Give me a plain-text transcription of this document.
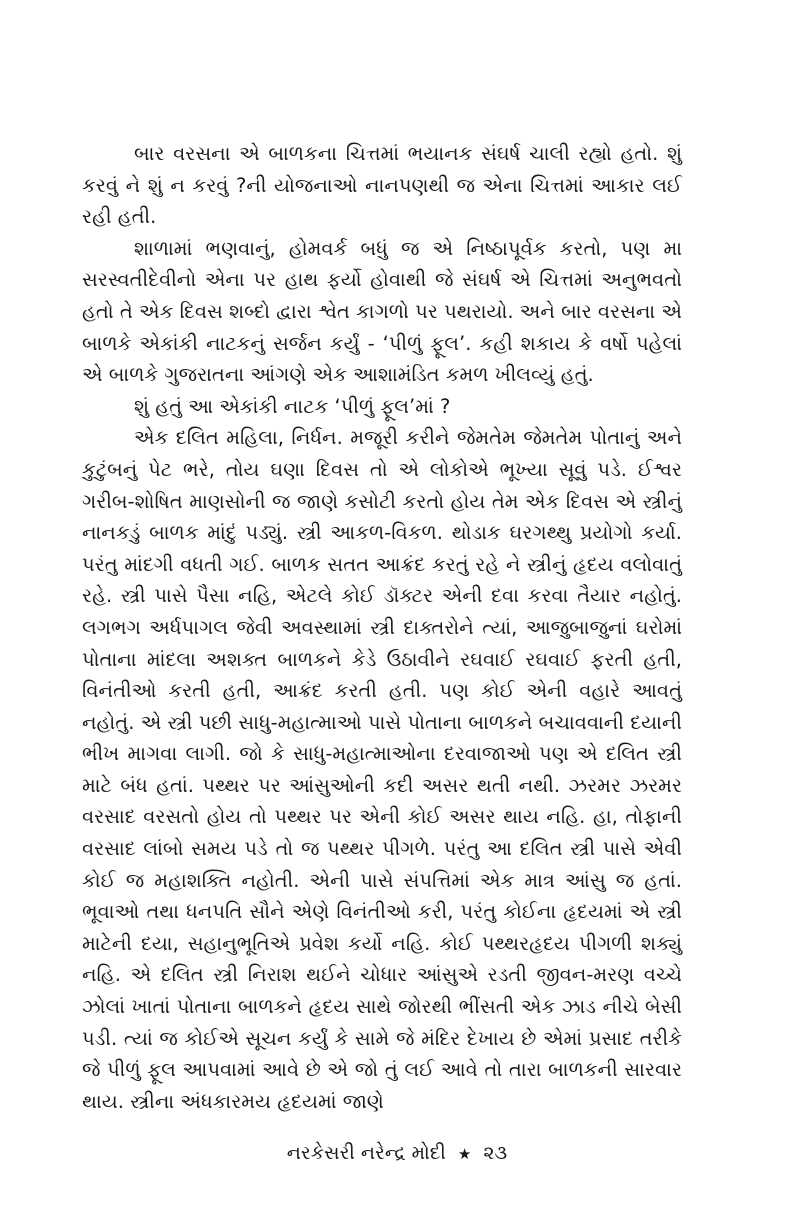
બાર વરસના એ બાળકના ચિત્તમાં ભયાનક સંઘર્ષ ચાલી રહ્યો હતો. શું કરવું ને શું ન કરવું ?ની યોજનાઓ નાનપણથી જ એના ચિત્તમાં આકાર લઈ રહી હતી.

શાળામાં ભણવાનું, હોમવર્ક બધું જ એ નિષ્ઠાપૂર્વક કરતો, પણ મા સરસ્વતીદેવીનો એના પર હાથ ફર્યો હોવાથી જે સંઘર્ષ એ ચિત્તમાં અનુભવતો હતો તે એક દિવસ શબ્દો દ્વારા શ્વેત કાગળો પર પથરાયો. અને બાર વરસના એ બાળકે એકાંકી નાટકનું સર્જન કર્યું - ‘પીળું ફૂલ’. કહી શકાય કે વર્ષો પહેલાં એ બાળકે ગુજરાતના આંગણે એક આશામંડિત કમળ ખીલવ્યું હતું.

શું હતું આ એકાંકી નાટક ‘પીળું ફૂલ’માં ?

એક દલિત મહિલા, નિર્ધન. મજૂરી કરીને જેમતેમ જેમતેમ પોતાનું અને કુટુંબનું પેટ ભરે, તોય ઘણા દિવસ તો એ લોકોએ ભૂખ્યા સૂવું પડે. ઈશ્વર ગરીબ-શોષિત માણસોની જ જાણે કસોટી કરતો હોય તેમ એક દિવસ એ સ્ત્રીનું નાનકડું બાળક માંદું પડ્યું. સ્ત્રી આકળ-વિકળ. થોડાક ઘરગથ્થુ પ્રયોગો કર્યા. પરંતુ માંદગી વધતી ગઈ. બાળક સતત આક્રંદ કરતું રહે ને સ્ત્રીનું હૃદય વલોવાતું રહે. સ્ત્રી પાસે પૈસા નહિ, એટલે કોઈ ડૉક્ટર એની દવા કરવા તૈયાર નહોતું. લગભગ અર્ધપાગલ જેવી અવસ્થામાં સ્ત્રી દાક્તરોને ત્યાં, આજુબાજુનાં ઘરોમાં પોતાના માંદલા અશક્ત બાળકને કેડે ઉઠાવીને રઘવાઈ રઘવાઈ ફરતી હતી, વિનંતીઓ કરતી હતી, આક્રંદ કરતી હતી. પણ કોઈ એની વહારે આવતું નહોતું. એ સ્ત્રી પછી સાધુ-મહાત્માઓ પાસે પોતાના બાળકને બચાવવાની દયાની ભીખ માગવા લાગી. જો કે સાધુ-મહાત્માઓના દરવાજાઓ પણ એ દલિત સ્ત્રી માટે બંધ હતાં. પથ્થર પર આંસુઓની કદી અસર થતી નથી. ઝરમર ઝરમર વરસાદ વરસતો હોય તો પથ્થર પર એની કોઈ અસર થાય નહિ. હા, તોફાની વરસાદ લાંબો સમય પડે તો જ પથ્થર પીગળે. પરંતુ આ દલિત સ્ત્રી પાસે એવી કોઈ જ મહાશક્તિ નહોતી. એની પાસે સંપત્તિમાં એક માત્ર આંસુ જ હતાં. ભૂવાઓ તથા ધનપતિ સૌને એણે વિનંતીઓ કરી, પરંતુ કોઈના હૃદયમાં એ સ્ત્રી માટેની દયા, સહાનુભૂતિએ પ્રવેશ કર્યો નહિ. કોઈ પથ્થરહૃદય પીગળી શક્યું નહિ. એ દલિત સ્ત્રી નિરાશ થઈને ચોધાર આંસુએ રડતી જીવન-મરણ વચ્ચે ઝોલાં ખાતાં પોતાના બાળકને હૃદય સાથે જોરથી ભીંસતી એક ઝાડ નીચે બેસી પડી. ત્યાં જ કોઈએ સૂચન કર્યું કે સામે જે મંદિર દેખાય છે એમાં પ્રસાદ તરીકે જે પીળું ફૂલ આપવામાં આવે છે એ જો તું લઈ આવે તો તારા બાળકની સારવાર થાય. સ્ત્રીના અંધકારમય હૃદયમાં જાણે

નરકેસરી નરેન્દ્ર મોદી ★ ૨૩
